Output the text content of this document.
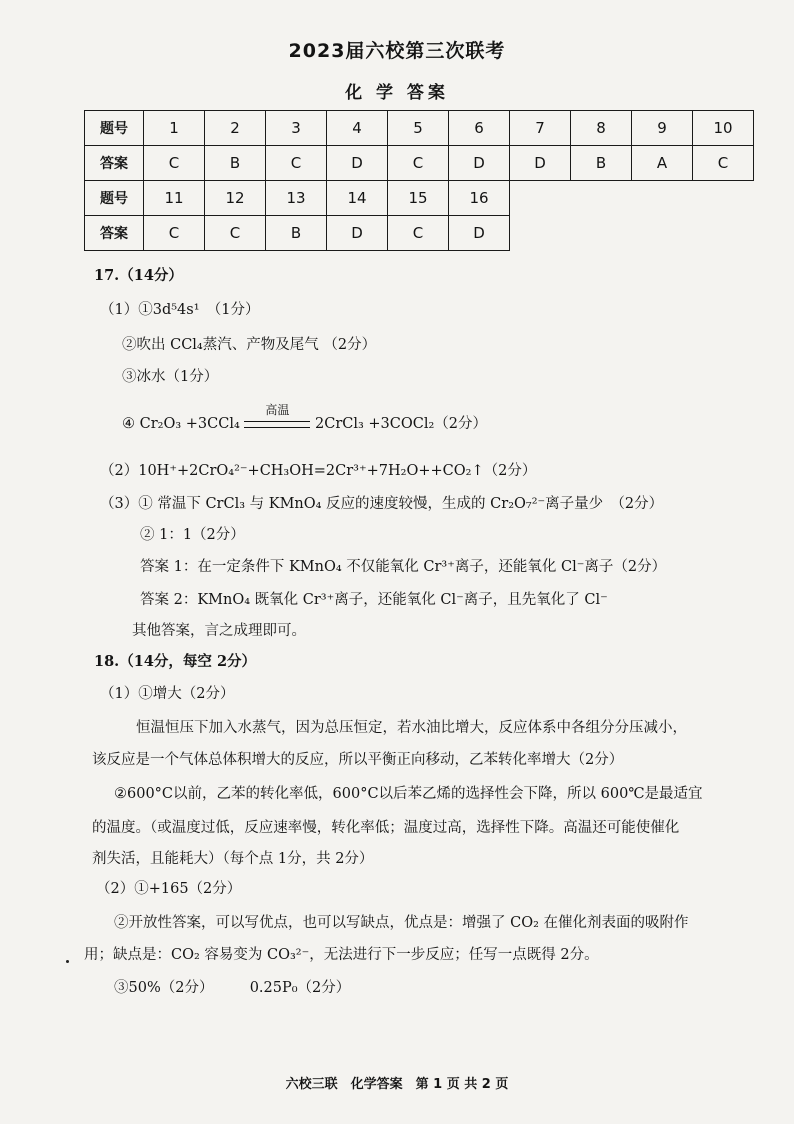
2023届六校第三次联考
化 学 答案
题号	1	2	3	4	5	6	7	8	9	10
答案	C	B	C	D	C	D	D	B	A	C
题号	11	12	13	14	15	16				
答案	C	C	B	D	C	D				
17.（14分）
（1）①3d⁵4s¹　（1分）
②吹出 CCl₄蒸汽、产物及尾气 （2分）
③冰水（1分）
④ Cr₂O₃ +3CCl₄
高温
2CrCl₃ +3COCl₂（2分）
（2）10H⁺+2CrO₄²⁻+CH₃OH=2Cr³⁺+7H₂O++CO₂↑（2分）
（3）① 常温下 CrCl₃ 与 KMnO₄ 反应的速度较慢，生成的 Cr₂O₇²⁻离子量少　（2分）
② 1：1（2分）
答案 1：在一定条件下 KMnO₄ 不仅能氧化 Cr³⁺离子，还能氧化 Cl⁻离子（2分）
答案 2：KMnO₄ 既氧化 Cr³⁺离子，还能氧化 Cl⁻离子，且先氧化了 Cl⁻
其他答案，言之成理即可。
18.（14分，每空 2分）
（1）①增大（2分）
恒温恒压下加入水蒸气，因为总压恒定，若水油比增大，反应体系中各组分分压减小，
该反应是一个气体总体积增大的反应，所以平衡正向移动，乙苯转化率增大（2分）
②600°C以前，乙苯的转化率低，600°C以后苯乙烯的选择性会下降，所以 600℃是最适宜
的温度。（或温度过低，反应速率慢，转化率低；温度过高，选择性下降。高温还可能使催化
剂失活，且能耗大）（每个点 1分，共 2分）
（2）①+165（2分）
②开放性答案，可以写优点，也可以写缺点，优点是：增强了 CO₂ 在催化剂表面的吸附作
用；缺点是：CO₂ 容易变为 CO₃²⁻，无法进行下一步反应；任写一点既得 2分。
③50%（2分）　　　0.25P₀（2分）
六校三联　化学答案　第 1 页 共 2 页
